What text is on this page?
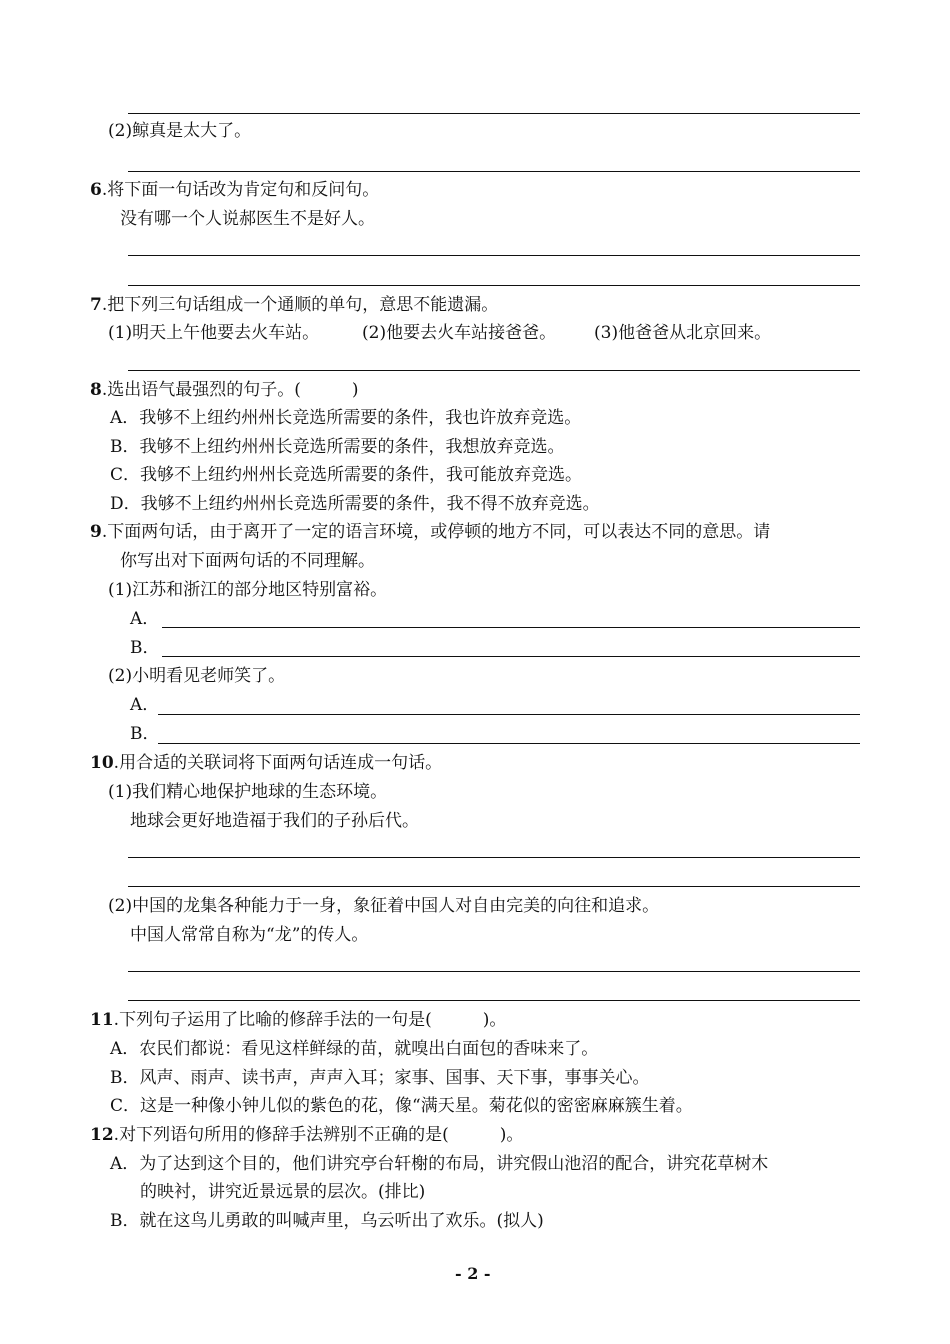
(2)鲸真是太大了。
6.将下面一句话改为肯定句和反问句。
没有哪一个人说郝医生不是好人。
7.把下列三句话组成一个通顺的单句，意思不能遗漏。
(1)明天上午他要去火车站。	(2)他要去火车站接爸爸。 (3)他爸爸从北京回来。
8.选出语气最强烈的句子。(　　　)
A．我够不上纽约州州长竞选所需要的条件，我也许放弃竞选。
B．我够不上纽约州州长竞选所需要的条件，我想放弃竞选。
C．我够不上纽约州州长竞选所需要的条件，我可能放弃竞选。
D．我够不上纽约州州长竞选所需要的条件，我不得不放弃竞选。
9.下面两句话，由于离开了一定的语言环境，或停顿的地方不同，可以表达不同的意思。请
你写出对下面两句话的不同理解。
(1)江苏和浙江的部分地区特别富裕。
A．
B．
(2)小明看见老师笑了。
A．
B．
10.用合适的关联词将下面两句话连成一句话。
(1)我们精心地保护地球的生态环境。
地球会更好地造福于我们的子孙后代。
(2)中国的龙集各种能力于一身，象征着中国人对自由完美的向往和追求。
中国人常常自称为“龙”的传人。
11.下列句子运用了比喻的修辞手法的一句是(　　　)。
A．农民们都说：看见这样鲜绿的苗，就嗅出白面包的香味来了。
B．风声、雨声、读书声，声声入耳；家事、国事、天下事，事事关心。
C．这是一种像小钟儿似的紫色的花，像“满天星。菊花似的密密麻麻簇生着。
12.对下列语句所用的修辞手法辨别不正确的是(　　　)。
A．为了达到这个目的，他们讲究亭台轩榭的布局，讲究假山池沼的配合，讲究花草树木
的映衬，讲究近景远景的层次。(排比)
B．就在这鸟儿勇敢的叫喊声里，乌云听出了欢乐。(拟人)
- 2 -
